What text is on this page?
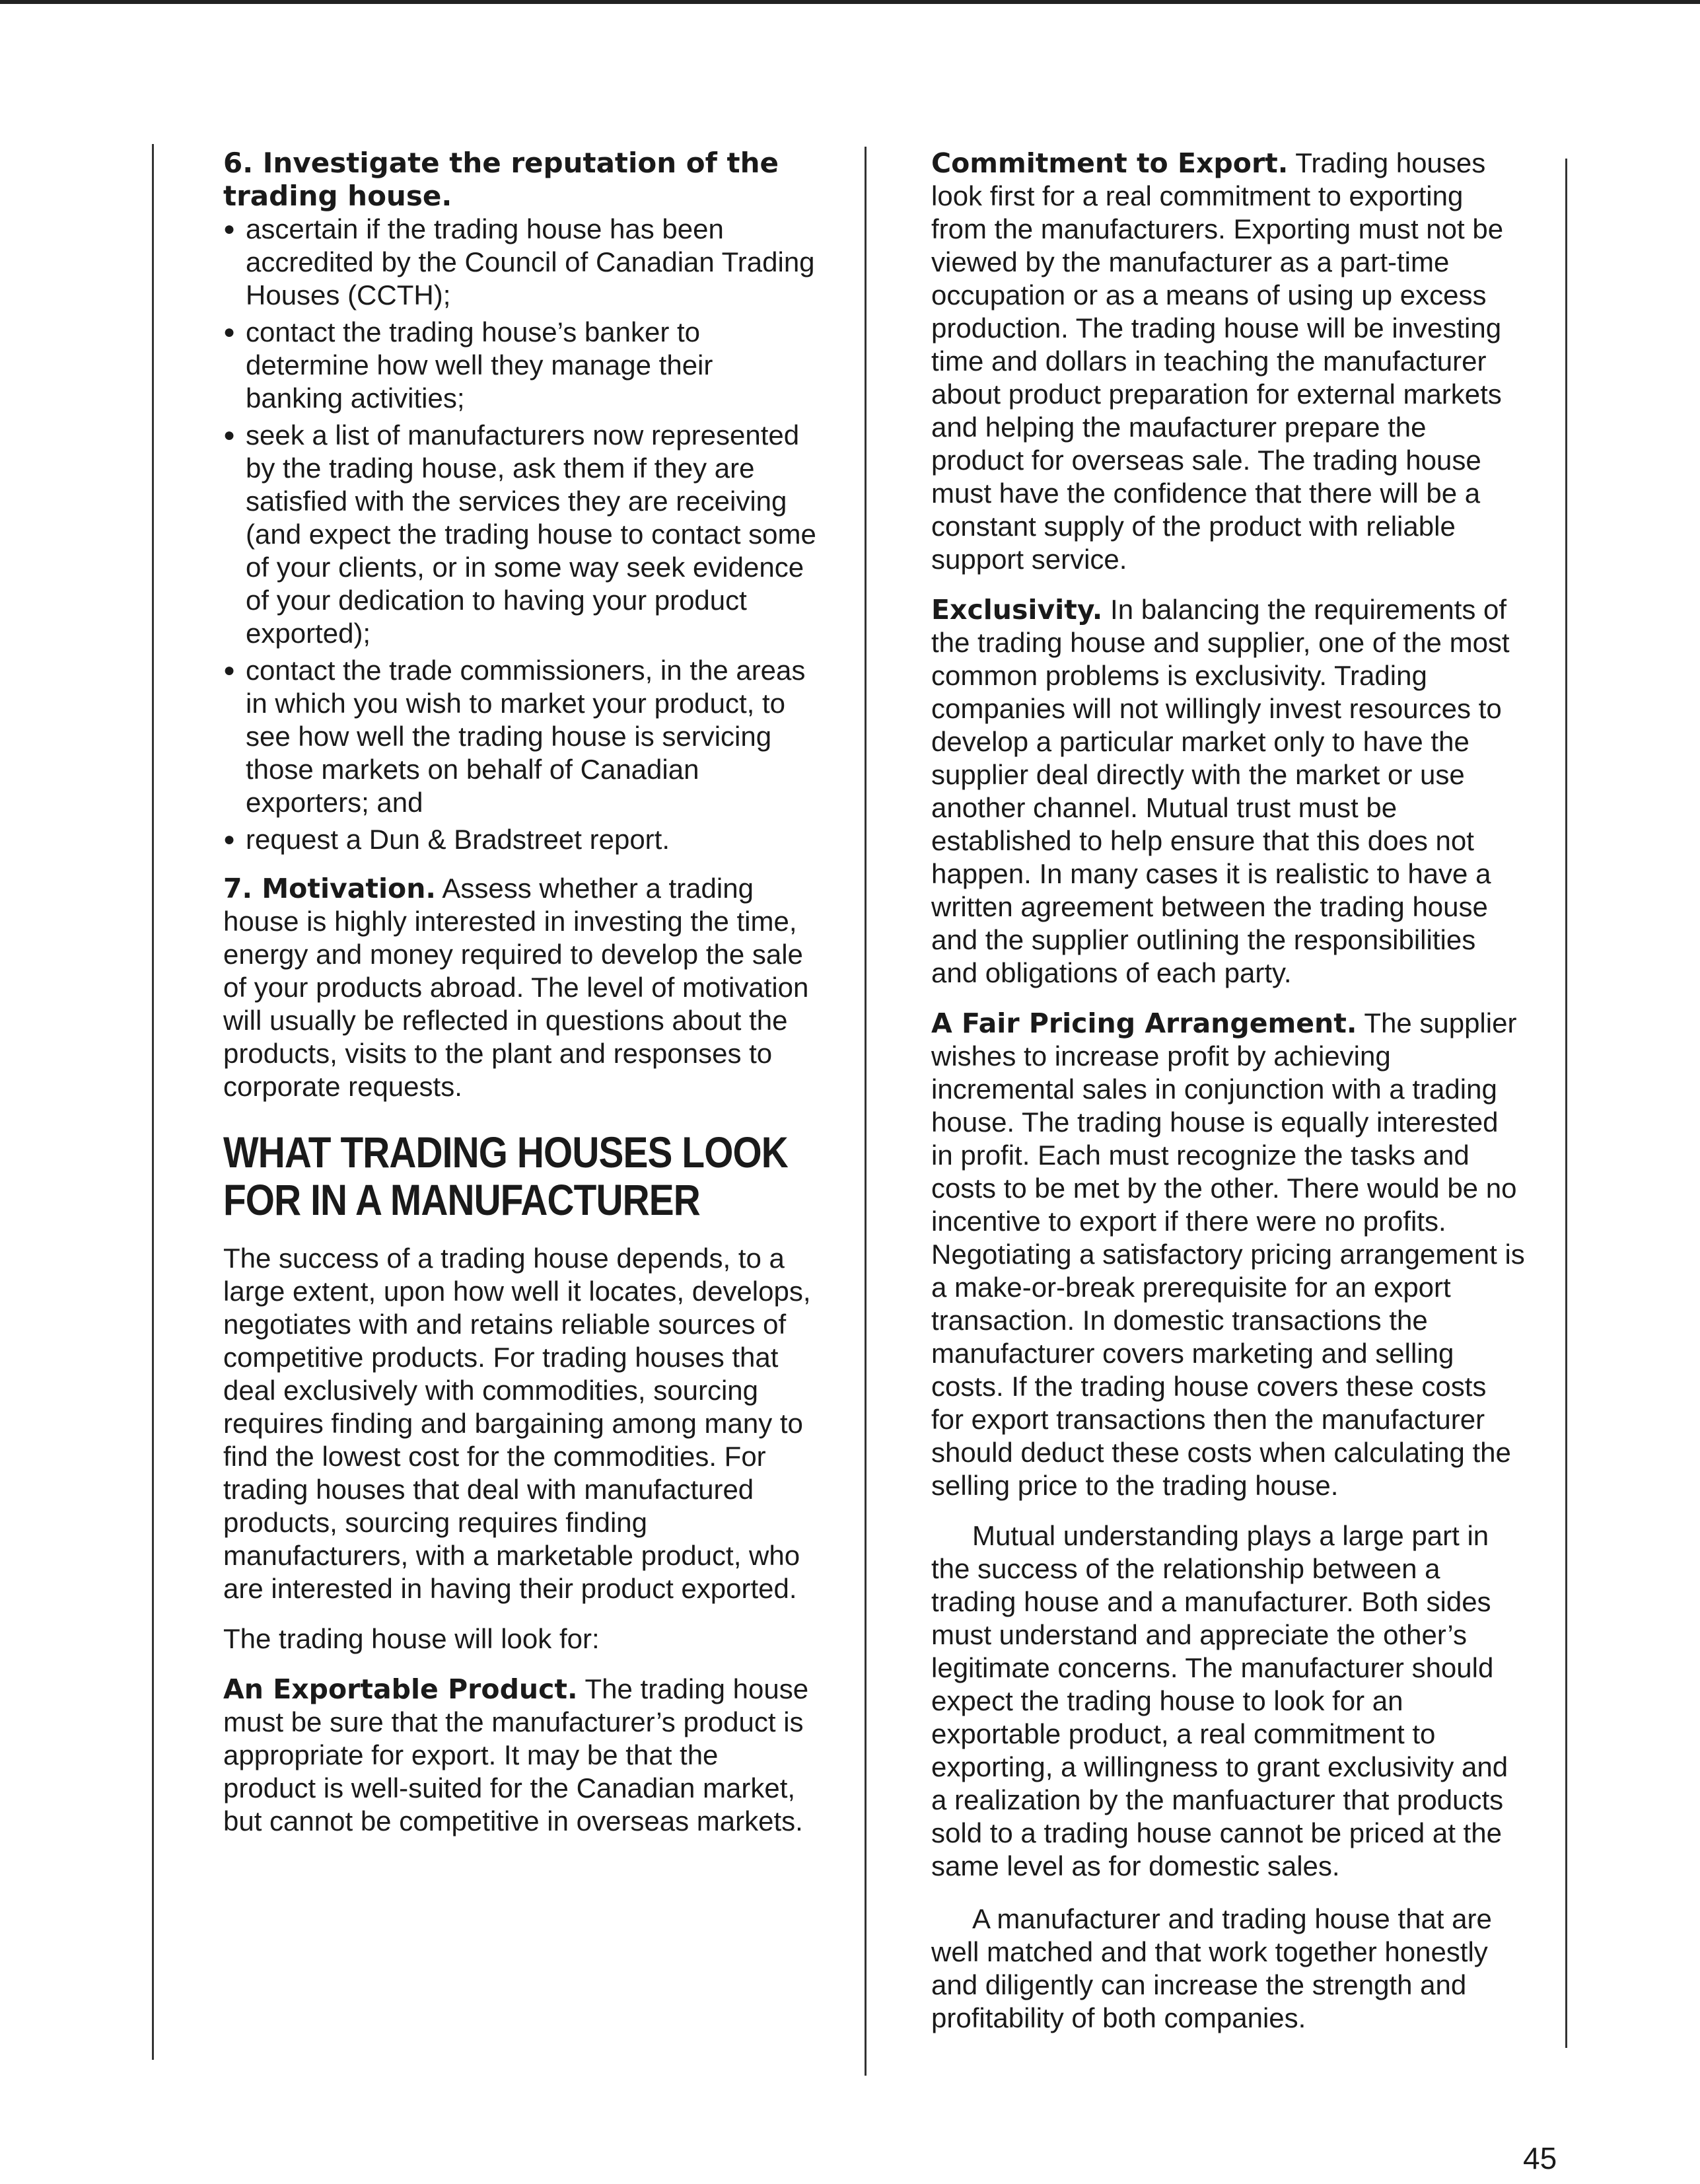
6. Investigate the reputation of the trading house.
● ascertain if the trading house has been accredited by the Council of Canadian Trading Houses (CCTH);
● contact the trading house’s banker to determine how well they manage their banking activities;
● seek a list of manufacturers now represented by the trading house, ask them if they are satisfied with the services they are receiving (and expect the trading house to contact some of your clients, or in some way seek evidence of your dedication to having your product exported);
● contact the trade commissioners, in the areas in which you wish to market your product, to see how well the trading house is servicing those markets on behalf of Canadian exporters; and
● request a Dun & Bradstreet report.

7. Motivation. Assess whether a trading house is highly interested in investing the time, energy and money required to develop the sale of your products abroad. The level of motivation will usually be reflected in questions about the products, visits to the plant and responses to corporate requests.

WHAT TRADING HOUSES LOOK FOR IN A MANUFACTURER

The success of a trading house depends, to a large extent, upon how well it locates, develops, negotiates with and retains reliable sources of competitive products. For trading houses that deal exclusively with commodities, sourcing requires finding and bargaining among many to find the lowest cost for the commodities. For trading houses that deal with manufactured products, sourcing requires finding manufacturers, with a marketable product, who are interested in having their product exported.

The trading house will look for:

An Exportable Product. The trading house must be sure that the manufacturer’s product is appropriate for export. It may be that the product is well-suited for the Canadian market, but cannot be competitive in overseas markets.

Commitment to Export. Trading houses look first for a real commitment to exporting from the manufacturers. Exporting must not be viewed by the manufacturer as a part-time occupation or as a means of using up excess production. The trading house will be investing time and dollars in teaching the manufacturer about product preparation for external markets and helping the maufacturer prepare the product for overseas sale. The trading house must have the confidence that there will be a constant supply of the product with reliable support service.

Exclusivity. In balancing the requirements of the trading house and supplier, one of the most common problems is exclusivity. Trading companies will not willingly invest resources to develop a particular market only to have the supplier deal directly with the market or use another channel. Mutual trust must be established to help ensure that this does not happen. In many cases it is realistic to have a written agreement between the trading house and the supplier outlining the responsibilities and obligations of each party.

A Fair Pricing Arrangement. The supplier wishes to increase profit by achieving incremental sales in conjunction with a trading house. The trading house is equally interested in profit. Each must recognize the tasks and costs to be met by the other. There would be no incentive to export if there were no profits. Negotiating a satisfactory pricing arrangement is a make-or-break prerequisite for an export transaction. In domestic transactions the manufacturer covers marketing and selling costs. If the trading house covers these costs for export transactions then the manufacturer should deduct these costs when calculating the selling price to the trading house.

Mutual understanding plays a large part in the success of the relationship between a trading house and a manufacturer. Both sides must understand and appreciate the other’s legitimate concerns. The manufacturer should expect the trading house to look for an exportable product, a real commitment to exporting, a willingness to grant exclusivity and a realization by the manfuacturer that products sold to a trading house cannot be priced at the same level as for domestic sales.

A manufacturer and trading house that are well matched and that work together honestly and diligently can increase the strength and profitability of both companies.

45
